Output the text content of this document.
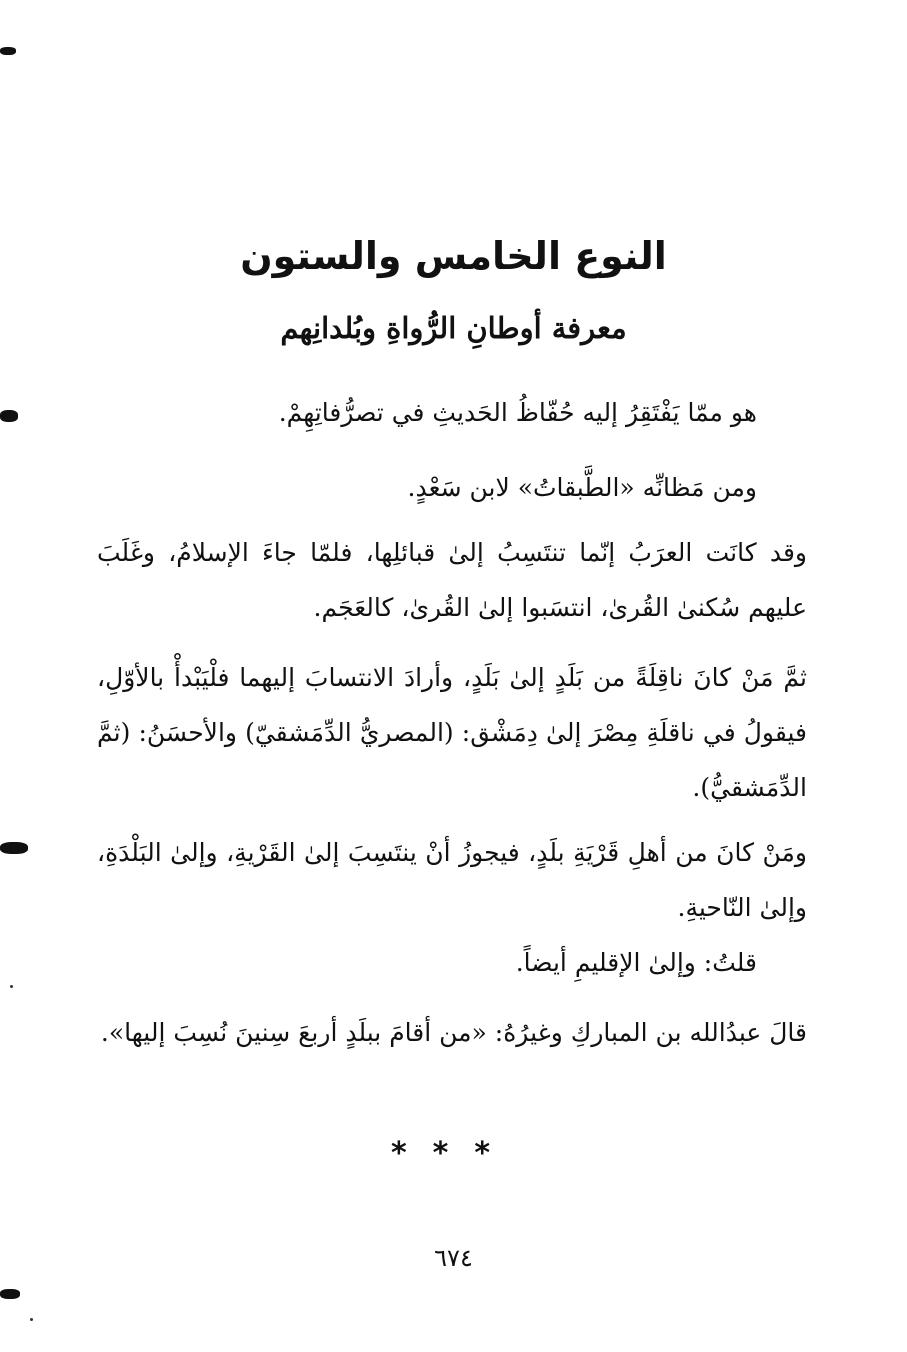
النوع الخامس والستون
معرفة أوطانِ الرُّواةِ وبُلدانِهم
هو ممّا يَفْتَقِرُ إليه حُفّاظُ الحَديثِ في تصرُّفاتِهِمْ.
ومن مَظانِّه «الطَّبقاتُ» لابن سَعْدٍ.
وقد كانَت العرَبُ إنّما تنتَسِبُ إلىٰ قبائلِها، فلمّا جاءَ الإسلامُ، وغَلَبَ عليهم سُكنىٰ القُرىٰ، انتسَبوا إلىٰ القُرىٰ، كالعَجَم.
ثمَّ مَنْ كانَ ناقِلَةً من بَلَدٍ إلىٰ بَلَدٍ، وأرادَ الانتسابَ إليهما فلْيَبْدأْ بالأوّلِ، فيقولُ في ناقلَةِ مِصْرَ إلىٰ دِمَشْق: (المصريُّ الدِّمَشقيّ) والأحسَنُ: (ثمَّ الدِّمَشقيُّ).
ومَنْ كانَ من أهلِ قَرْيَةِ بلَدٍ، فيجوزُ أنْ ينتَسِبَ إلىٰ القَرْيةِ، وإلىٰ البَلْدَةِ، وإلىٰ النّاحيةِ.
قلتُ: وإلىٰ الإقليمِ أيضاً.
قالَ عبدُالله بن المباركِ وغيرُهُ: «من أقامَ ببلَدٍ أربعَ سِنينَ نُسِبَ إليها».
***
٦٧٤
